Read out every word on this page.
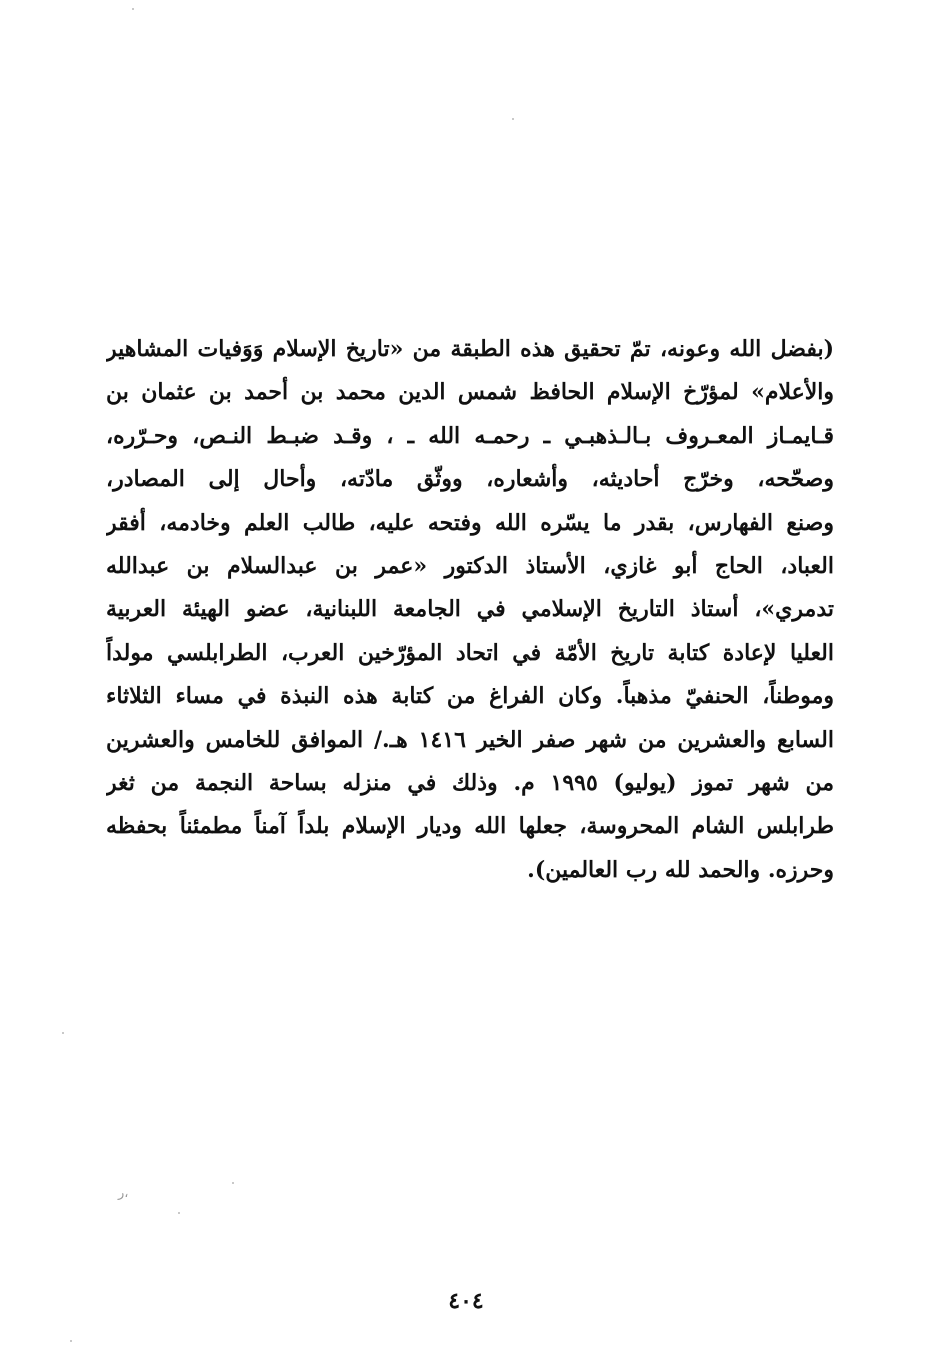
ﺭ،
(بفضل الله وعونه، تمّ تحقيق هذه الطبقة من «تاريخ الإسلام وَوَفيات المشاهير
والأعلام» لمؤرّخ الإسلام الحافظ شمس الدين محمد بن أحمد بن عثمان بن
قـايمـاز المعـروف بـالـذهبـي ـ رحمـه الله ـ ، وقـد ضبـط النـص، وحـرّره،
وصحّحه، وخرّج أحاديثه، وأشعاره، ووثّق مادّته، وأحال إلى المصادر،
وصنع الفهارس، بقدر ما يسّره الله وفتحه عليه، طالب العلم وخادمه، أفقر
العباد، الحاج أبو غازي، الأستاذ الدكتور «عمر بن عبدالسلام بن عبدالله
تدمري»، أستاذ التاريخ الإسلامي في الجامعة اللبنانية، عضو الهيئة العربية
العليا لإعادة كتابة تاريخ الأمّة في اتحاد المؤرّخين العرب، الطرابلسي مولداً
وموطناً، الحنفيّ مذهباً. وكان الفراغ من كتابة هذه النبذة في مساء الثلاثاء
السابع والعشرين من شهر صفر الخير ١٤١٦ هـ./ الموافق للخامس والعشرين
من شهر تموز (يوليو) ١٩٩٥ م. وذلك في منزله بساحة النجمة من ثغر
طرابلس الشام المحروسة، جعلها الله وديار الإسلام بلداً آمناً مطمئناً بحفظه
وحرزه. والحمد لله رب العالمين).
٤٠٤
